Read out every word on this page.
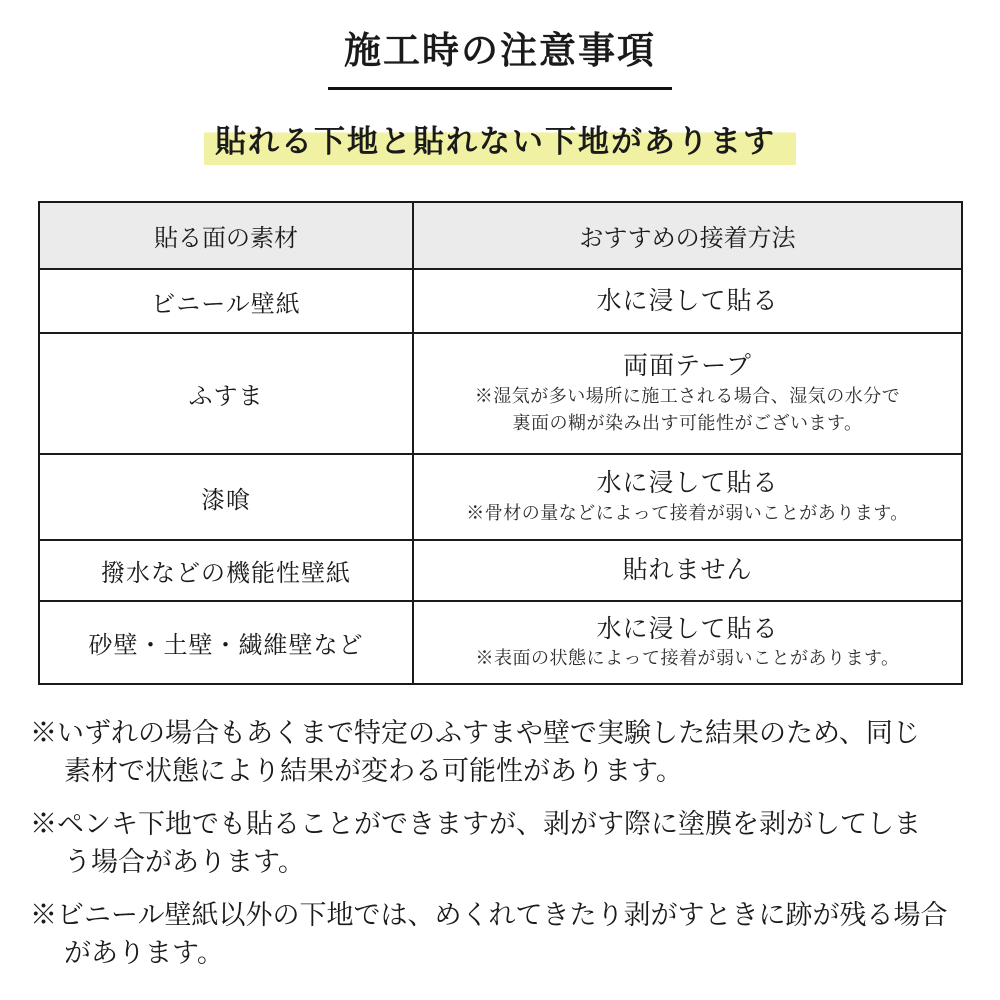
施工時の注意事項
貼れる下地と貼れない下地があります
貼る面の素材	おすすめの接着方法
ビニール壁紙	水に浸して貼る

ふすま	両面テープ
※湿気が多い場所に施工される場合、湿気の水分で
裏面の糊が染み出す可能性がございます。

漆喰	水に浸して貼る
※骨材の量などによって接着が弱いことがあります。

撥水などの機能性壁紙	貼れません

砂壁・土壁・繊維壁など	水に浸して貼る
※表面の状態によって接着が弱いことがあります。
※いずれの場合もあくまで特定のふすまや壁で実験した結果のため、同じ
素材で状態により結果が変わる可能性があります。
※ペンキ下地でも貼ることができますが、剥がす際に塗膜を剥がしてしま
う場合があります。
※ビニール壁紙以外の下地では、めくれてきたり剥がすときに跡が残る場合
があります。
